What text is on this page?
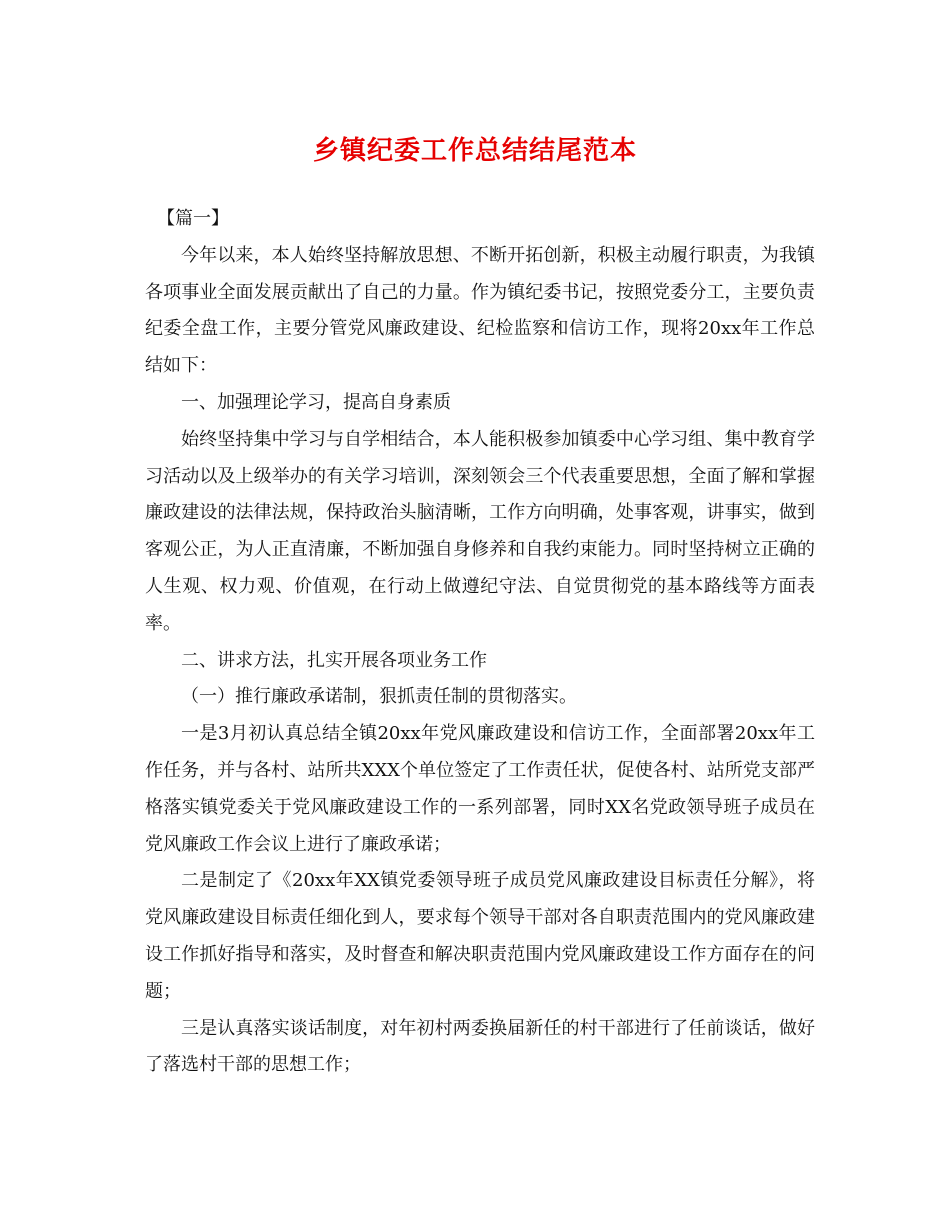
乡镇纪委工作总结结尾范本

【篇一】

今年以来，本人始终坚持解放思想、不断开拓创新，积极主动履行职责，为我镇各项事业全面发展贡献出了自己的力量。作为镇纪委书记，按照党委分工，主要负责纪委全盘工作，主要分管党风廉政建设、纪检监察和信访工作，现将20xx年工作总结如下：

一、加强理论学习，提高自身素质

始终坚持集中学习与自学相结合，本人能积极参加镇委中心学习组、集中教育学习活动以及上级举办的有关学习培训，深刻领会三个代表重要思想，全面了解和掌握廉政建设的法律法规，保持政治头脑清晰，工作方向明确，处事客观，讲事实，做到客观公正，为人正直清廉，不断加强自身修养和自我约束能力。同时坚持树立正确的人生观、权力观、价值观，在行动上做遵纪守法、自觉贯彻党的基本路线等方面表率。

二、讲求方法，扎实开展各项业务工作

（一）推行廉政承诺制，狠抓责任制的贯彻落实。

一是3月初认真总结全镇20xx年党风廉政建设和信访工作，全面部署20xx年工作任务，并与各村、站所共XXX个单位签定了工作责任状，促使各村、站所党支部严格落实镇党委关于党风廉政建设工作的一系列部署，同时XX名党政领导班子成员在党风廉政工作会议上进行了廉政承诺；

二是制定了《20xx年XX镇党委领导班子成员党风廉政建设目标责任分解》，将党风廉政建设目标责任细化到人，要求每个领导干部对各自职责范围内的党风廉政建设工作抓好指导和落实，及时督查和解决职责范围内党风廉政建设工作方面存在的问题；

三是认真落实谈话制度，对年初村两委换届新任的村干部进行了任前谈话，做好了落选村干部的思想工作；
